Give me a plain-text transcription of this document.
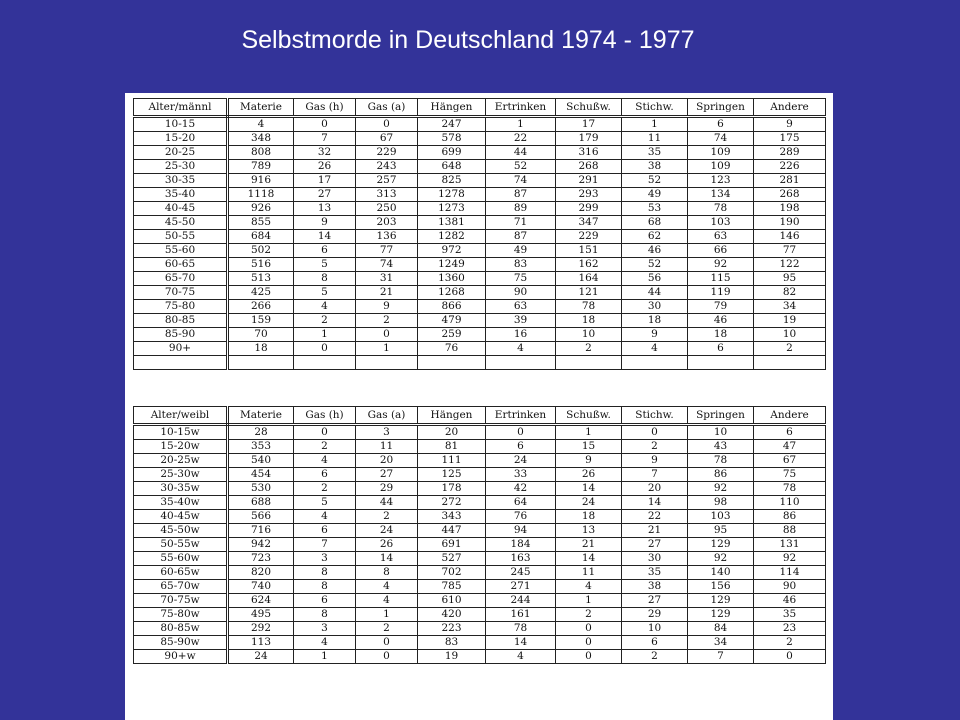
Selbstmorde in Deutschland 1974 - 1977
Alter/männl	Materie	Gas (h)	Gas (a)	Hängen	Ertrinken	Schußw.	Stichw.	Springen	Andere
10-15	4	0	0	247	1	17	1	6	9
15-20	348	7	67	578	22	179	11	74	175
20-25	808	32	229	699	44	316	35	109	289
25-30	789	26	243	648	52	268	38	109	226
30-35	916	17	257	825	74	291	52	123	281
35-40	1118	27	313	1278	87	293	49	134	268
40-45	926	13	250	1273	89	299	53	78	198
45-50	855	9	203	1381	71	347	68	103	190
50-55	684	14	136	1282	87	229	62	63	146
55-60	502	6	77	972	49	151	46	66	77
60-65	516	5	74	1249	83	162	52	92	122
65-70	513	8	31	1360	75	164	56	115	95
70-75	425	5	21	1268	90	121	44	119	82
75-80	266	4	9	866	63	78	30	79	34
80-85	159	2	2	479	39	18	18	46	19
85-90	70	1	0	259	16	10	9	18	10
90+	18	0	1	76	4	2	4	6	2

Alter/weibl	Materie	Gas (h)	Gas (a)	Hängen	Ertrinken	Schußw.	Stichw.	Springen	Andere
10-15w	28	0	3	20	0	1	0	10	6
15-20w	353	2	11	81	6	15	2	43	47
20-25w	540	4	20	111	24	9	9	78	67
25-30w	454	6	27	125	33	26	7	86	75
30-35w	530	2	29	178	42	14	20	92	78
35-40w	688	5	44	272	64	24	14	98	110
40-45w	566	4	2	343	76	18	22	103	86
45-50w	716	6	24	447	94	13	21	95	88
50-55w	942	7	26	691	184	21	27	129	131
55-60w	723	3	14	527	163	14	30	92	92
60-65w	820	8	8	702	245	11	35	140	114
65-70w	740	8	4	785	271	4	38	156	90
70-75w	624	6	4	610	244	1	27	129	46
75-80w	495	8	1	420	161	2	29	129	35
80-85w	292	3	2	223	78	0	10	84	23
85-90w	113	4	0	83	14	0	6	34	2
90+w	24	1	0	19	4	0	2	7	0
